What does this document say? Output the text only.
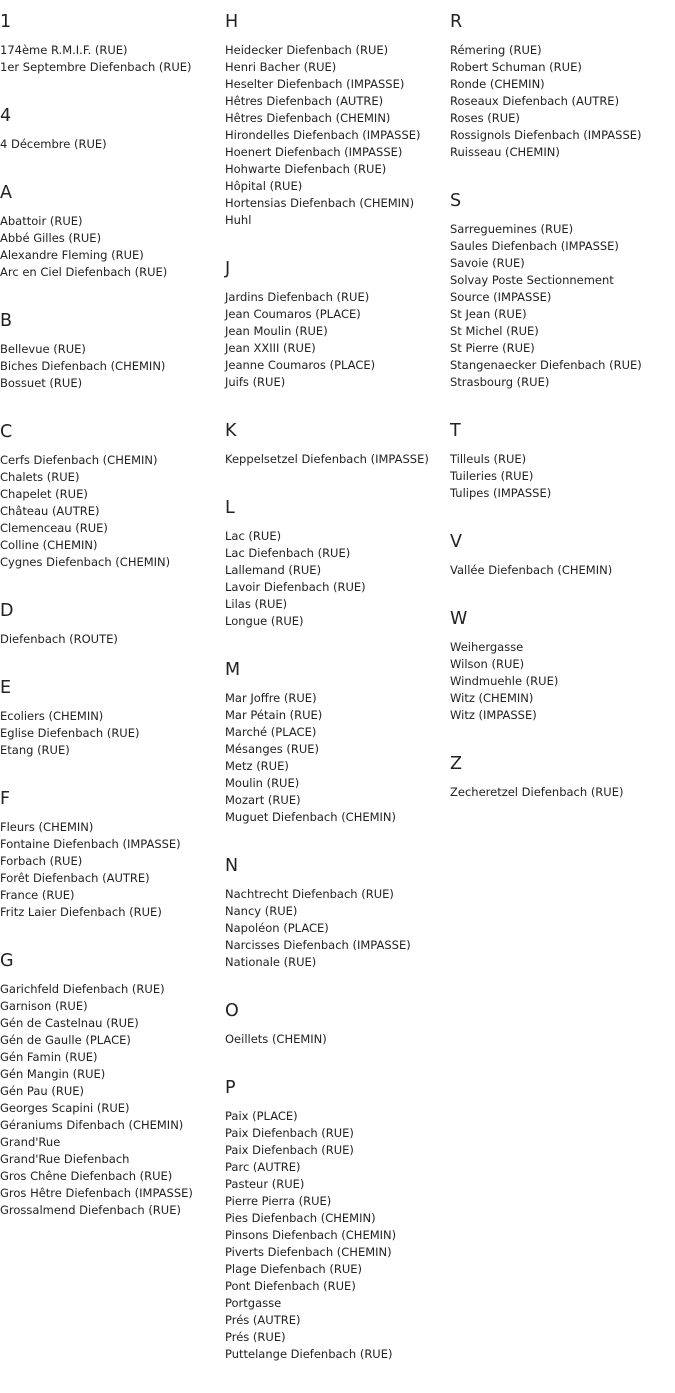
1
174ème R.M.I.F. (RUE)
1er Septembre Diefenbach (RUE)
4
4 Décembre (RUE)
A
Abattoir (RUE)
Abbé Gilles (RUE)
Alexandre Fleming (RUE)
Arc en Ciel Diefenbach (RUE)
B
Bellevue (RUE)
Biches Diefenbach (CHEMIN)
Bossuet (RUE)
C
Cerfs Diefenbach (CHEMIN)
Chalets (RUE)
Chapelet (RUE)
Château (AUTRE)
Clemenceau (RUE)
Colline (CHEMIN)
Cygnes Diefenbach (CHEMIN)
D
Diefenbach (ROUTE)
E
Ecoliers (CHEMIN)
Eglise Diefenbach (RUE)
Etang (RUE)
F
Fleurs (CHEMIN)
Fontaine Diefenbach (IMPASSE)
Forbach (RUE)
Forêt Diefenbach (AUTRE)
France (RUE)
Fritz Laier Diefenbach (RUE)
G
Garichfeld Diefenbach (RUE)
Garnison (RUE)
Gén de Castelnau (RUE)
Gén de Gaulle (PLACE)
Gén Famin (RUE)
Gén Mangin (RUE)
Gén Pau (RUE)
Georges Scapini (RUE)
Géraniums Difenbach (CHEMIN)
Grand'Rue
Grand'Rue Diefenbach
Gros Chêne Diefenbach (RUE)
Gros Hêtre Diefenbach (IMPASSE)
Grossalmend Diefenbach (RUE)
H
Heidecker Diefenbach (RUE)
Henri Bacher (RUE)
Heselter Diefenbach (IMPASSE)
Hêtres Diefenbach (AUTRE)
Hêtres Diefenbach (CHEMIN)
Hirondelles Diefenbach (IMPASSE)
Hoenert Diefenbach (IMPASSE)
Hohwarte Diefenbach (RUE)
Hôpital (RUE)
Hortensias Diefenbach (CHEMIN)
Huhl
J
Jardins Diefenbach (RUE)
Jean Coumaros (PLACE)
Jean Moulin (RUE)
Jean XXIII (RUE)
Jeanne Coumaros (PLACE)
Juifs (RUE)
K
Keppelsetzel Diefenbach (IMPASSE)
L
Lac (RUE)
Lac Diefenbach (RUE)
Lallemand (RUE)
Lavoir Diefenbach (RUE)
Lilas (RUE)
Longue (RUE)
M
Mar Joffre (RUE)
Mar Pétain (RUE)
Marché (PLACE)
Mésanges (RUE)
Metz (RUE)
Moulin (RUE)
Mozart (RUE)
Muguet Diefenbach (CHEMIN)
N
Nachtrecht Diefenbach (RUE)
Nancy (RUE)
Napoléon (PLACE)
Narcisses Diefenbach (IMPASSE)
Nationale (RUE)
O
Oeillets (CHEMIN)
P
Paix (PLACE)
Paix Diefenbach (RUE)
Paix Diefenbach (RUE)
Parc (AUTRE)
Pasteur (RUE)
Pierre Pierra (RUE)
Pies Diefenbach (CHEMIN)
Pinsons Diefenbach (CHEMIN)
Piverts Diefenbach (CHEMIN)
Plage Diefenbach (RUE)
Pont Diefenbach (RUE)
Portgasse
Prés (AUTRE)
Prés (RUE)
Puttelange Diefenbach (RUE)
R
Rémering (RUE)
Robert Schuman (RUE)
Ronde (CHEMIN)
Roseaux Diefenbach (AUTRE)
Roses (RUE)
Rossignols Diefenbach (IMPASSE)
Ruisseau (CHEMIN)
S
Sarreguemines (RUE)
Saules Diefenbach (IMPASSE)
Savoie (RUE)
Solvay Poste Sectionnement
Source (IMPASSE)
St Jean (RUE)
St Michel (RUE)
St Pierre (RUE)
Stangenaecker Diefenbach (RUE)
Strasbourg (RUE)
T
Tilleuls (RUE)
Tuileries (RUE)
Tulipes (IMPASSE)
V
Vallée Diefenbach (CHEMIN)
W
Weihergasse
Wilson (RUE)
Windmuehle (RUE)
Witz (CHEMIN)
Witz (IMPASSE)
Z
Zecheretzel Diefenbach (RUE)
